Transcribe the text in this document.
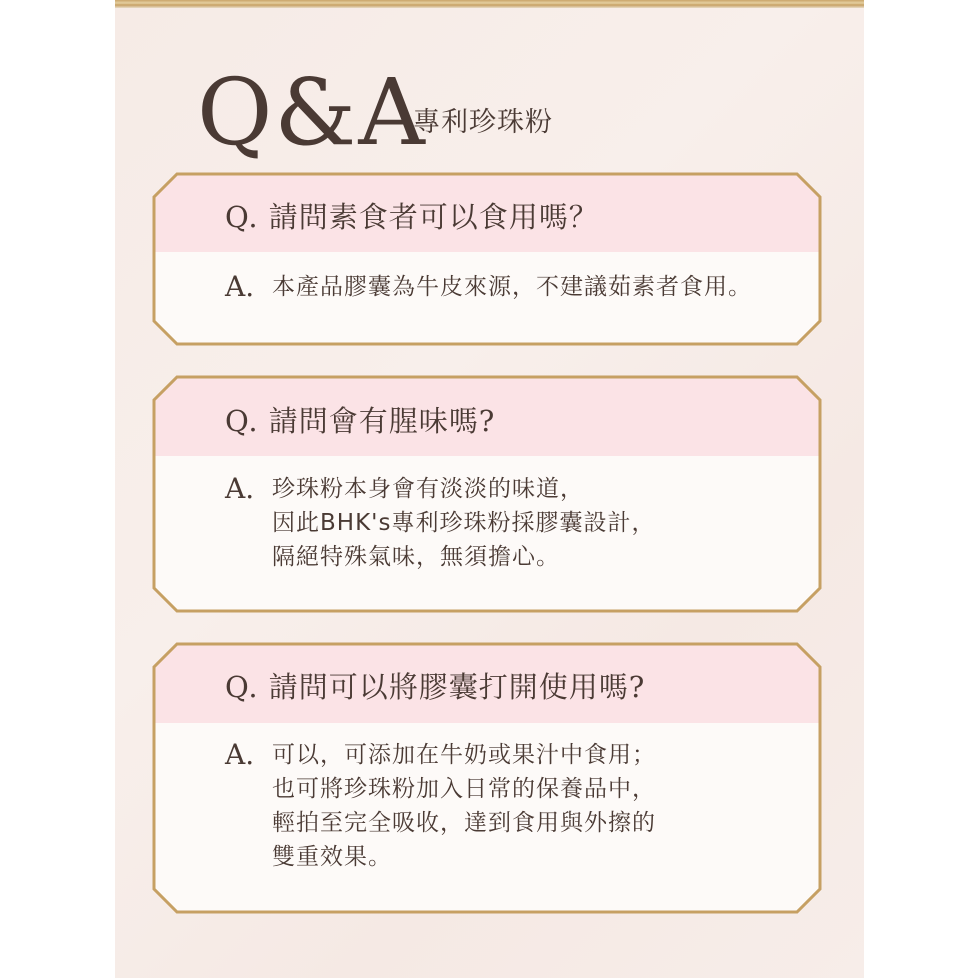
Q&A
專利珍珠粉
Q. 請問素食者可以食用嗎？
A. 本產品膠囊為牛皮來源，不建議茹素者食用。
Q. 請問會有腥味嗎?
A. 珍珠粉本身會有淡淡的味道，
因此BHK's專利珍珠粉採膠囊設計，
隔絕特殊氣味，無須擔心。
Q. 請問可以將膠囊打開使用嗎?
A. 可以，可添加在牛奶或果汁中食用；
也可將珍珠粉加入日常的保養品中，
輕拍至完全吸收，達到食用與外擦的
雙重效果。
